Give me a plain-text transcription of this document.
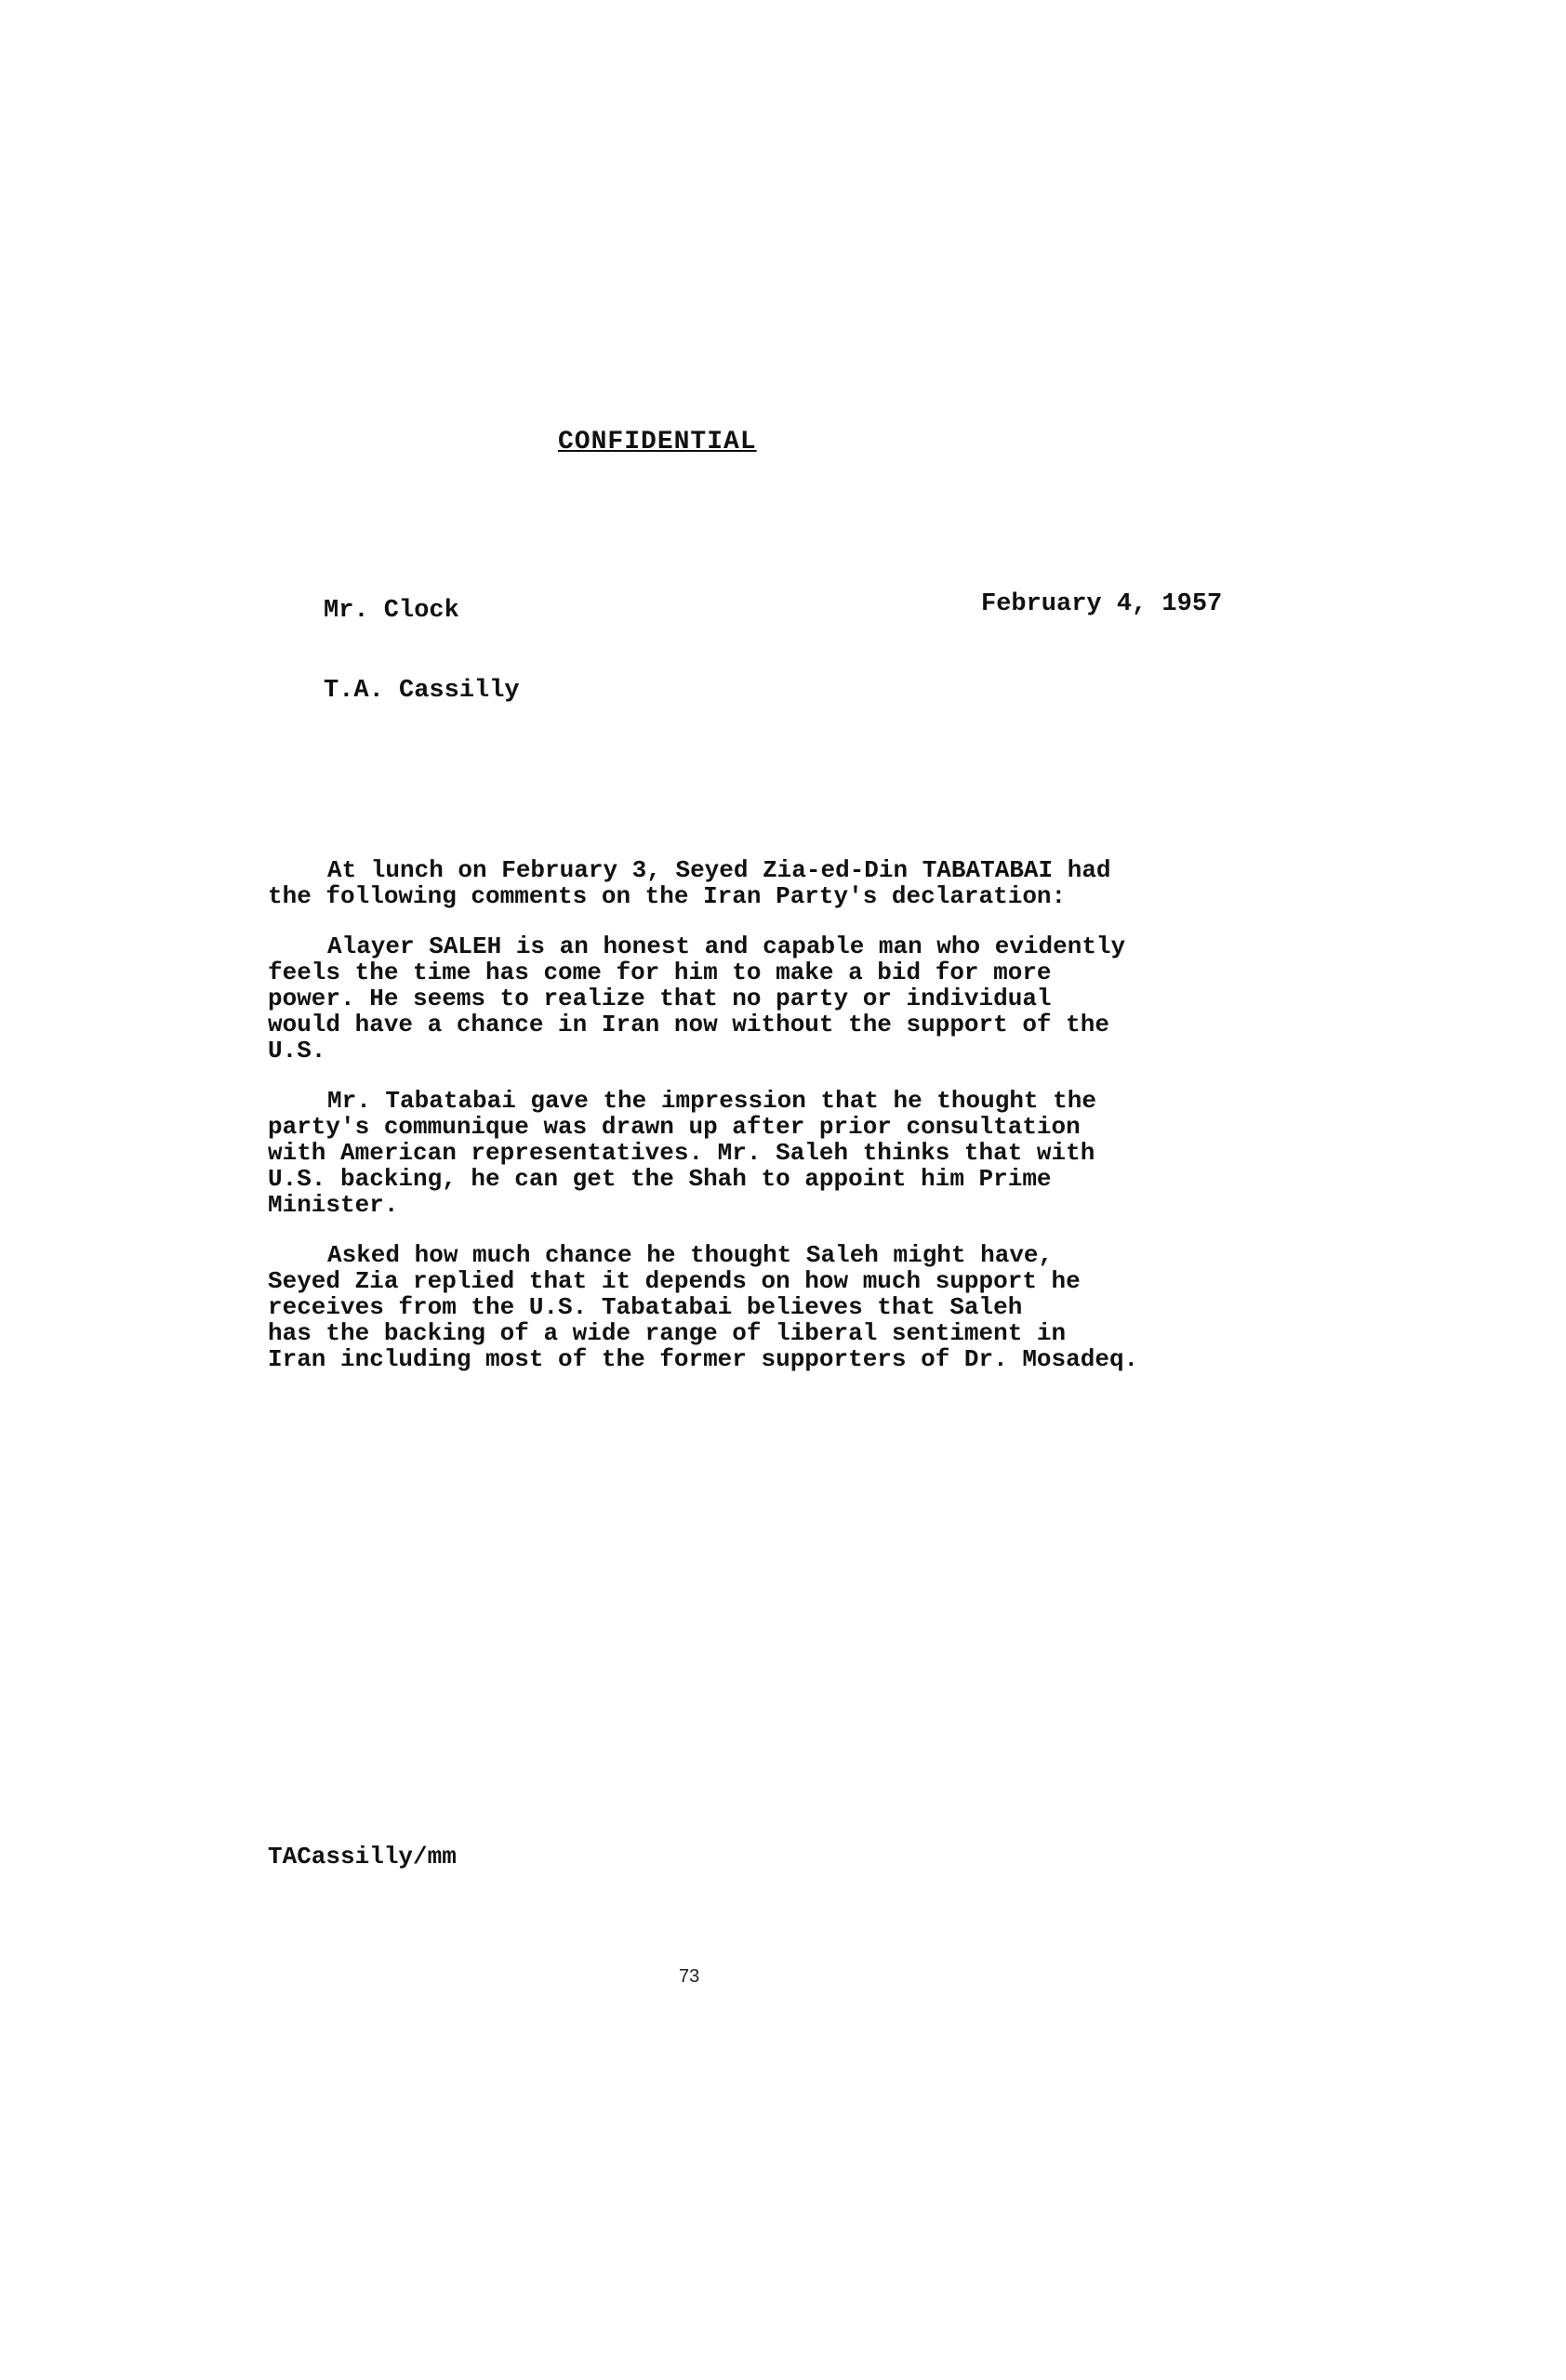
CONFIDENTIAL
Mr. Clock	February 4, 1957
T.A. Cassilly

At lunch on February 3, Seyed Zia-ed-Din TABATABAI had
the following comments on the Iran Party's declaration:

Alayer SALEH is an honest and capable man who evidently
feels the time has come for him to make a bid for more
power. He seems to realize that no party or individual
would have a chance in Iran now without the support of the
U.S.

Mr. Tabatabai gave the impression that he thought the
party's communique was drawn up after prior consultation
with American representatives. Mr. Saleh thinks that with
U.S. backing, he can get the Shah to appoint him Prime
Minister.

Asked how much chance he thought Saleh might have,
Seyed Zia replied that it depends on how much support he
receives from the U.S. Tabatabai believes that Saleh
has the backing of a wide range of liberal sentiment in
Iran including most of the former supporters of Dr. Mosadeq.

TACassilly/mm
73
